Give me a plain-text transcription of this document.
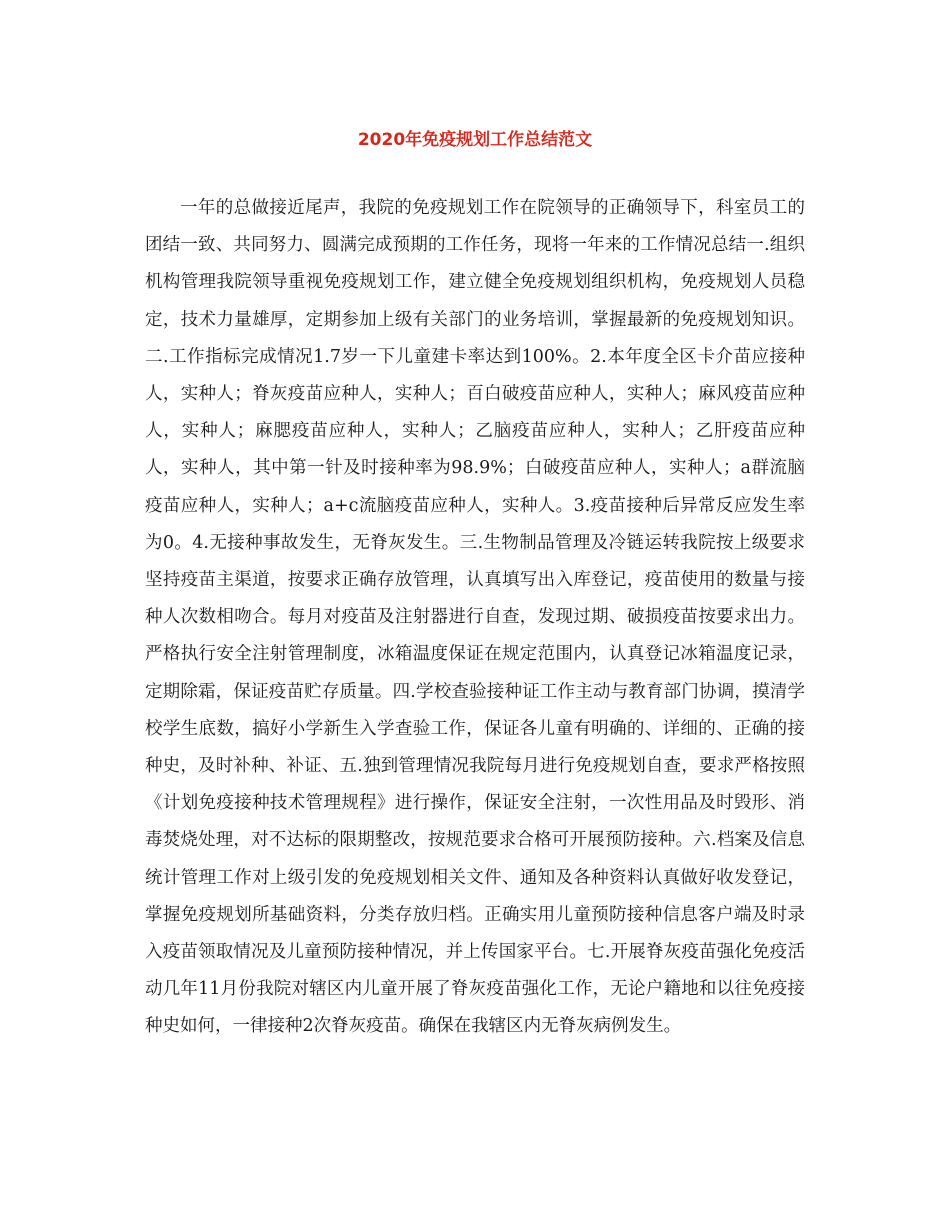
2020年免疫规划工作总结范文

一年的总做接近尾声，我院的免疫规划工作在院领导的正确领导下，科室员工的团结一致、共同努力、圆满完成预期的工作任务，现将一年来的工作情况总结一.组织机构管理我院领导重视免疫规划工作，建立健全免疫规划组织机构，免疫规划人员稳定，技术力量雄厚，定期参加上级有关部门的业务培训，掌握最新的免疫规划知识。二.工作指标完成情况1.7岁一下儿童建卡率达到100%。2.本年度全区卡介苗应接种人，实种人；脊灰疫苗应种人，实种人；百白破疫苗应种人，实种人；麻风疫苗应种人，实种人；麻腮疫苗应种人，实种人；乙脑疫苗应种人，实种人；乙肝疫苗应种人，实种人，其中第一针及时接种率为98.9%；白破疫苗应种人，实种人；a群流脑疫苗应种人，实种人；a+c流脑疫苗应种人，实种人。3.疫苗接种后异常反应发生率为0。4.无接种事故发生，无脊灰发生。三.生物制品管理及冷链运转我院按上级要求坚持疫苗主渠道，按要求正确存放管理，认真填写出入库登记，疫苗使用的数量与接种人次数相吻合。每月对疫苗及注射器进行自查，发现过期、破损疫苗按要求出力。严格执行安全注射管理制度，冰箱温度保证在规定范围内，认真登记冰箱温度记录，定期除霜，保证疫苗贮存质量。四.学校查验接种证工作主动与教育部门协调，摸清学校学生底数，搞好小学新生入学查验工作，保证各儿童有明确的、详细的、正确的接种史，及时补种、补证、五.独到管理情况我院每月进行免疫规划自查，要求严格按照《计划免疫接种技术管理规程》进行操作，保证安全注射，一次性用品及时毁形、消毒焚烧处理，对不达标的限期整改，按规范要求合格可开展预防接种。六.档案及信息统计管理工作对上级引发的免疫规划相关文件、通知及各种资料认真做好收发登记，掌握免疫规划所基础资料，分类存放归档。正确实用儿童预防接种信息客户端及时录入疫苗领取情况及儿童预防接种情况，并上传国家平台。七.开展脊灰疫苗强化免疫活动几年11月份我院对辖区内儿童开展了脊灰疫苗强化工作，无论户籍地和以往免疫接种史如何，一律接种2次脊灰疫苗。确保在我辖区内无脊灰病例发生。
